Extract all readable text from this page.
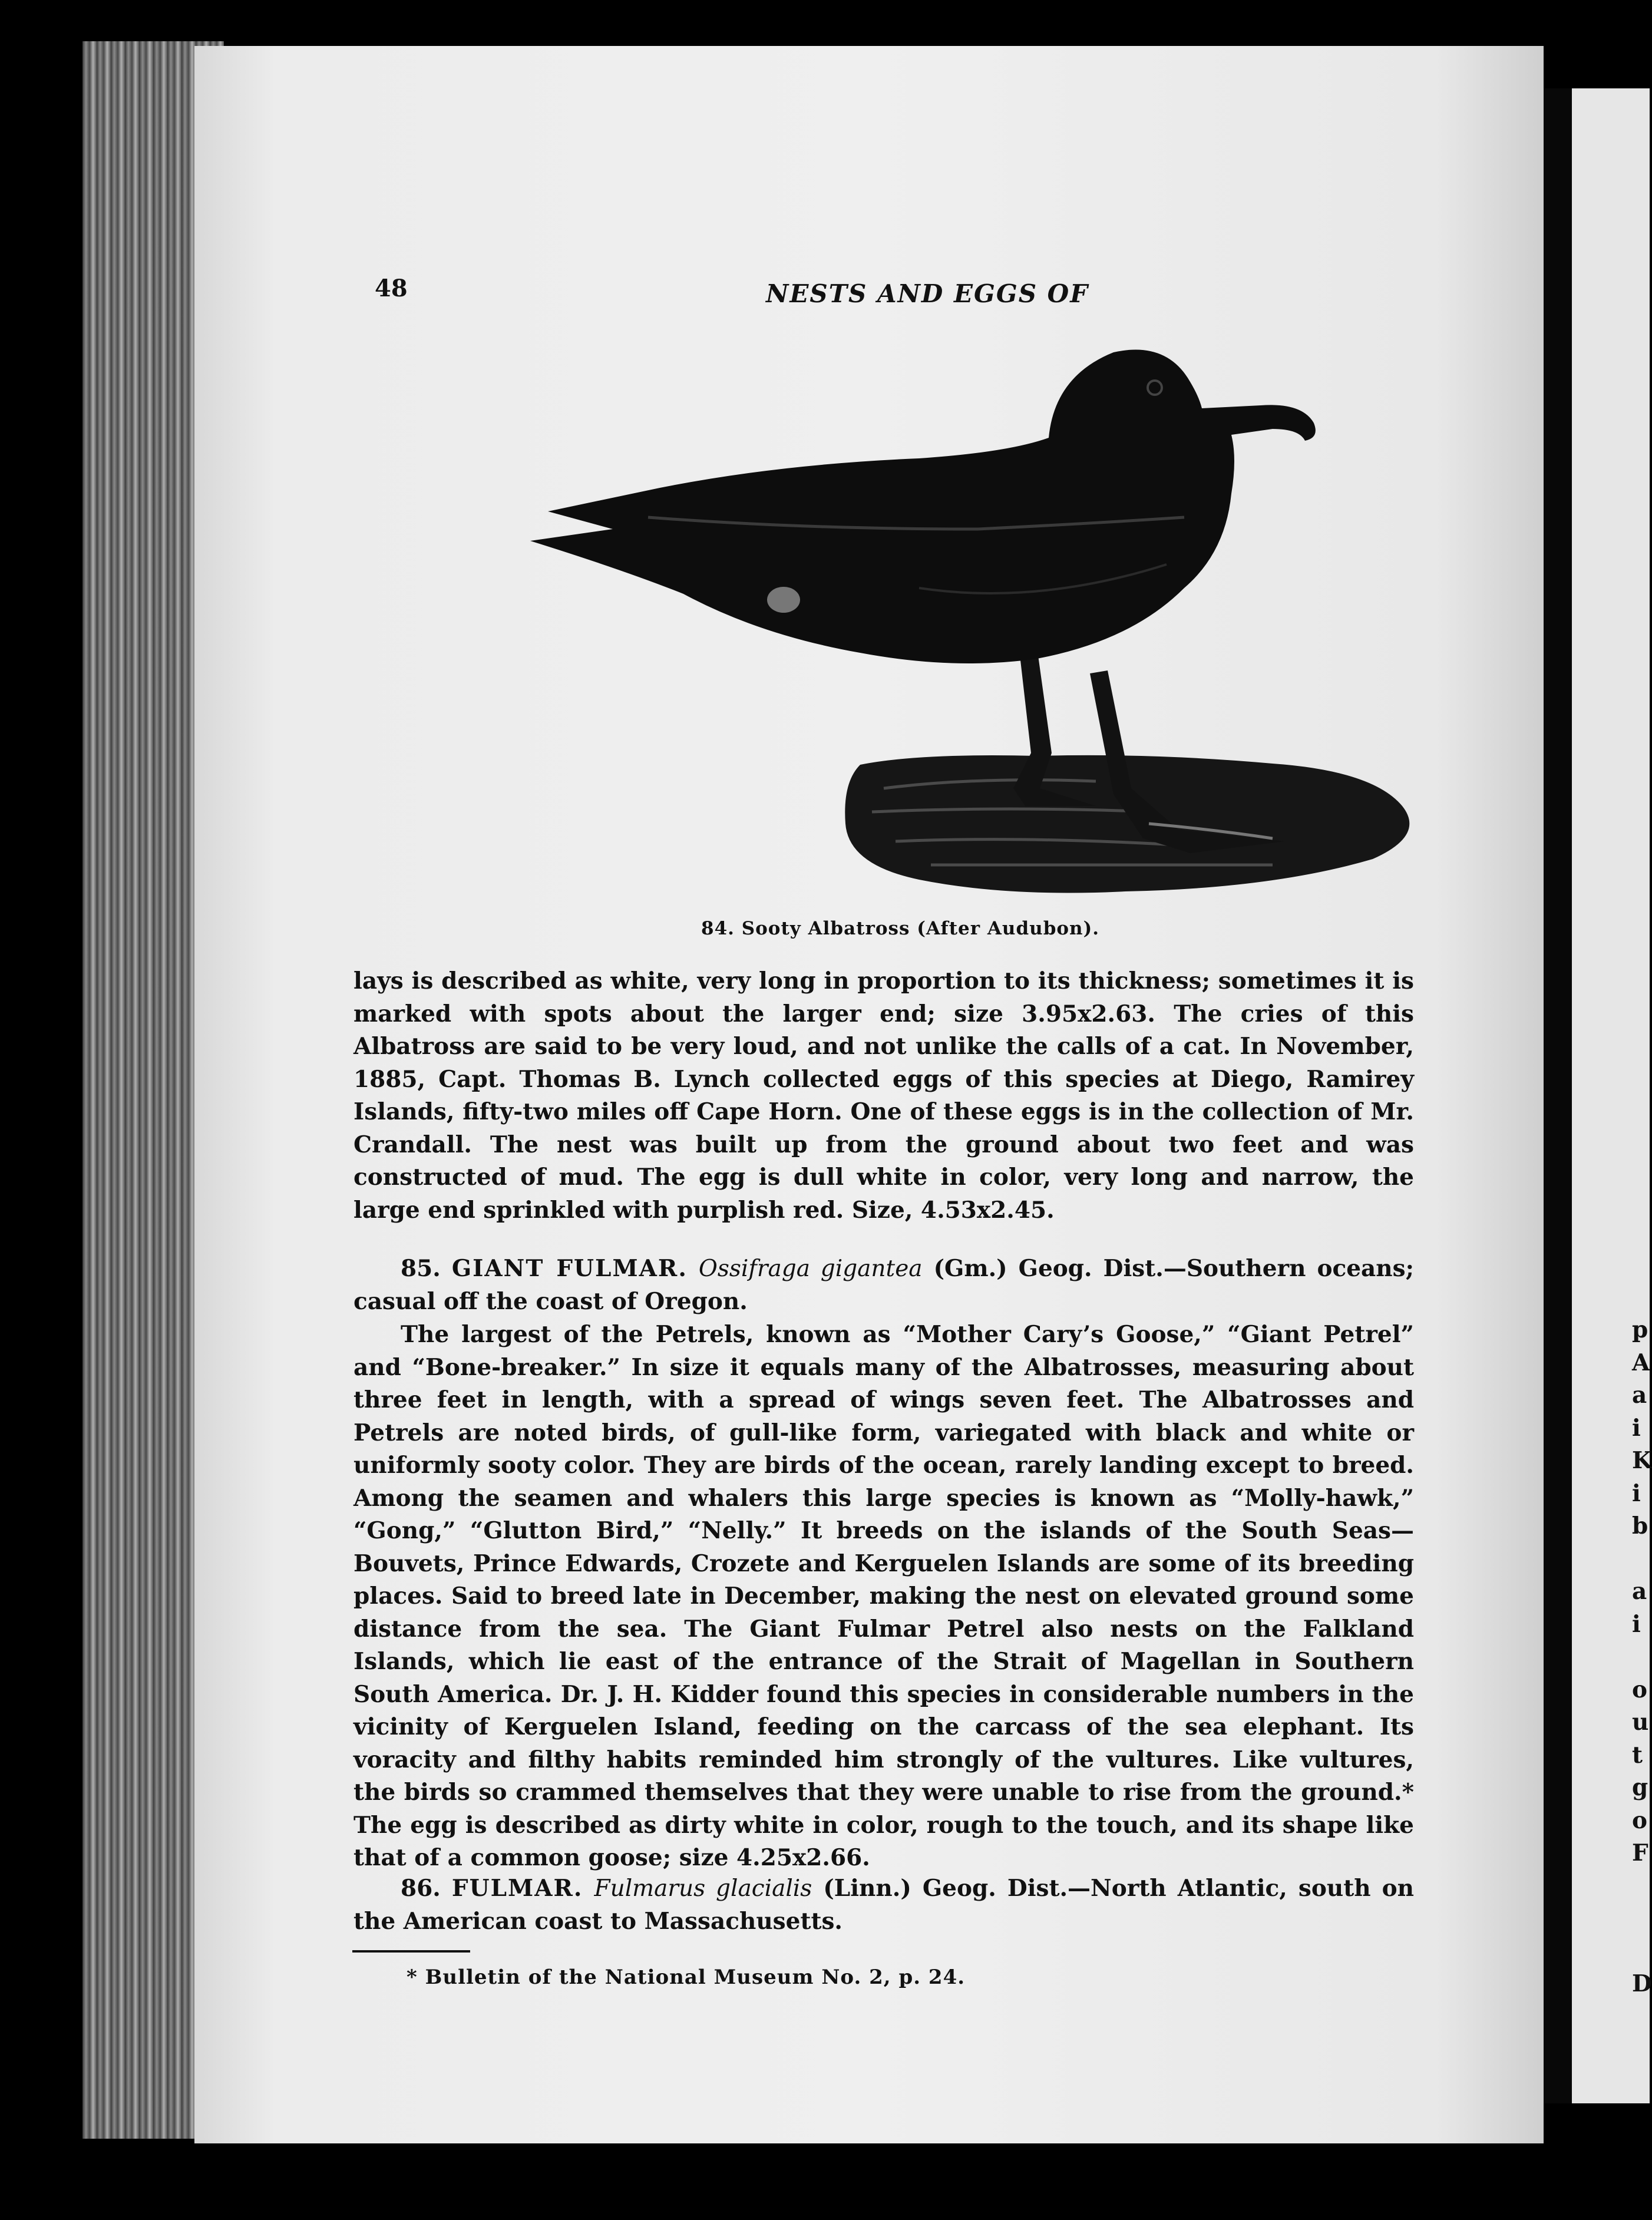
p
A
a
i
K
i
b

a
i

o
u
t
g
o
F

D
48	NESTS AND EGGS OF
84. Sooty Albatross (After Audubon).

lays is described as white, very long in proportion to its thickness; sometimes it is marked with spots about the larger end; size 3.95x2.63. The cries of this Albatross are said to be very loud, and not unlike the calls of a cat. In November, 1885, Capt. Thomas B. Lynch collected eggs of this species at Diego, Ramirey Islands, fifty-two miles off Cape Horn. One of these eggs is in the collection of Mr. Crandall. The nest was built up from the ground about two feet and was constructed of mud. The egg is dull white in color, very long and narrow, the large end sprinkled with purplish red. Size, 4.53x2.45.

85. GIANT FULMAR. Ossifraga gigantea (Gm.) Geog. Dist.—Southern oceans; casual off the coast of Oregon.

The largest of the Petrels, known as “Mother Cary’s Goose,” “Giant Petrel” and “Bone-breaker.” In size it equals many of the Albatrosses, measuring about three feet in length, with a spread of wings seven feet. The Albatrosses and Petrels are noted birds, of gull-like form, variegated with black and white or uniformly sooty color. They are birds of the ocean, rarely landing except to breed. Among the seamen and whalers this large species is known as “Molly-hawk,” “Gong,” “Glutton Bird,” “Nelly.” It breeds on the islands of the South Seas—Bouvets, Prince Edwards, Crozete and Kerguelen Islands are some of its breeding places. Said to breed late in December, making the nest on elevated ground some distance from the sea. The Giant Fulmar Petrel also nests on the Falkland Islands, which lie east of the entrance of the Strait of Magellan in Southern South America. Dr. J. H. Kidder found this species in considerable numbers in the vicinity of Kerguelen Island, feeding on the carcass of the sea elephant. Its voracity and filthy habits reminded him strongly of the vultures. Like vultures, the birds so crammed themselves that they were unable to rise from the ground.* The egg is described as dirty white in color, rough to the touch, and its shape like that of a common goose; size 4.25x2.66.

86. FULMAR. Fulmarus glacialis (Linn.) Geog. Dist.—North Atlantic, south on the American coast to Massachusetts.

* Bulletin of the National Museum No. 2, p. 24.
